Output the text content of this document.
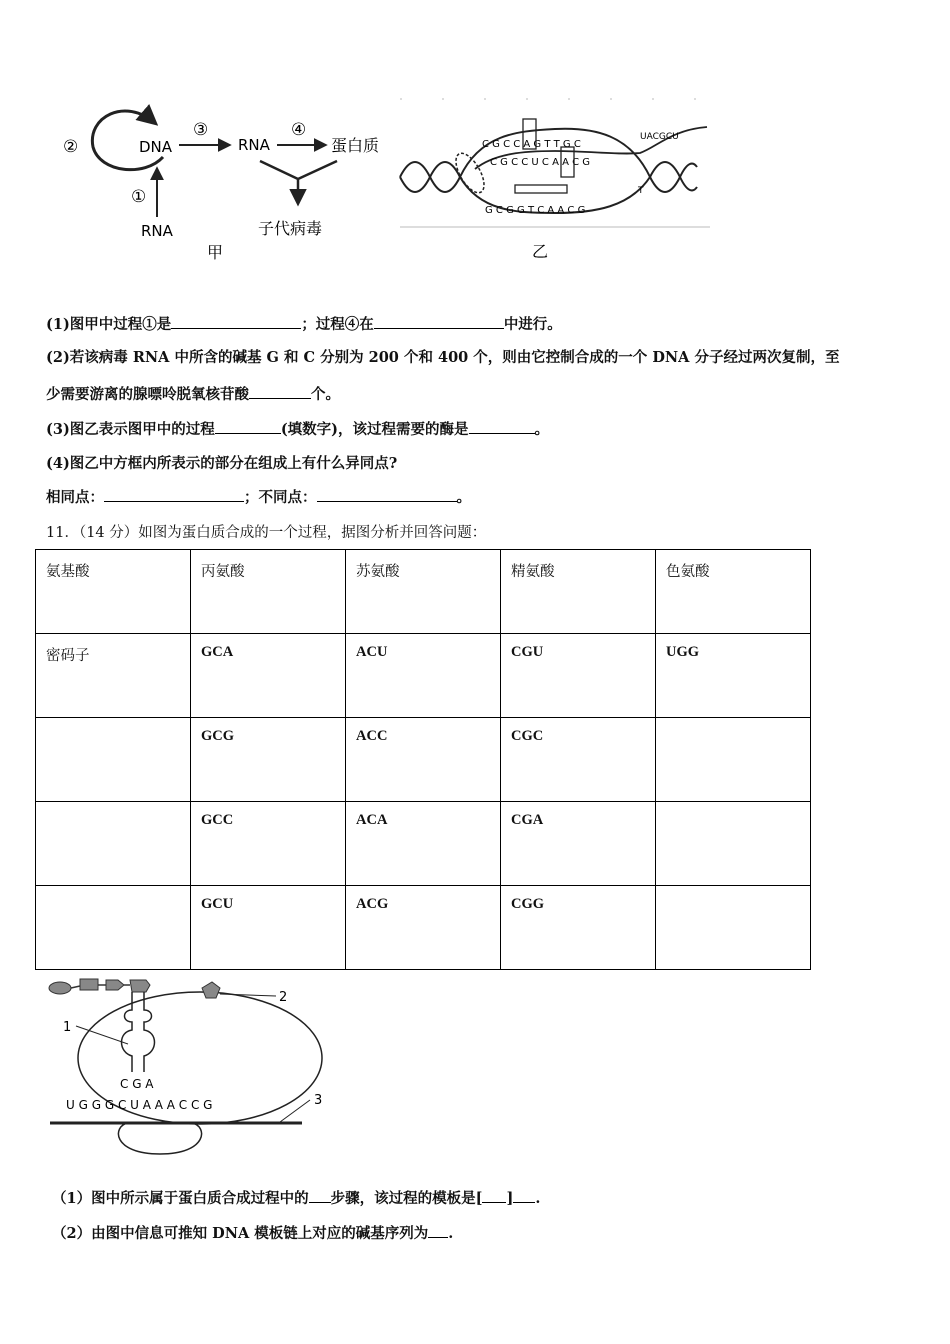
②	DNA
③
RNA
④
蛋白质
子代病毒
①
RNA
甲
C G C C A G T T G C
C G C C U C A A C G
G C G G T C A A C G
UACGCU
T
乙
(1)图甲中过程①是	；过程④在	中进行。
(2)若该病毒 RNA 中所含的碱基 G 和 C 分别为 200 个和 400 个，则由它控制合成的一个 DNA 分子经过两次复制，至
少需要游离的腺嘌呤脱氧核苷酸	个。
(3)图乙表示图甲中的过程	(填数字)，该过程需要的酶是	。
(4)图乙中方框内所表示的部分在组成上有什么异同点?
相同点：	；不同点：	。
11．（14 分）如图为蛋白质合成的一个过程，据图分析并回答问题：
氨基酸	丙氨酸	苏氨酸	精氨酸	色氨酸
密码子	GCA	ACU	CGU	UGG
	GCG	ACC	CGC	
	GCC	ACA	CGA	
	GCU	ACG	CGG	
2
1
C G A
U G G G C U A A A C C G	3
（1）图中所示属于蛋白质合成过程中的 步骤，该过程的模板是[ ] .
（2）由图中信息可推知 DNA 模板链上对应的碱基序列为 .
